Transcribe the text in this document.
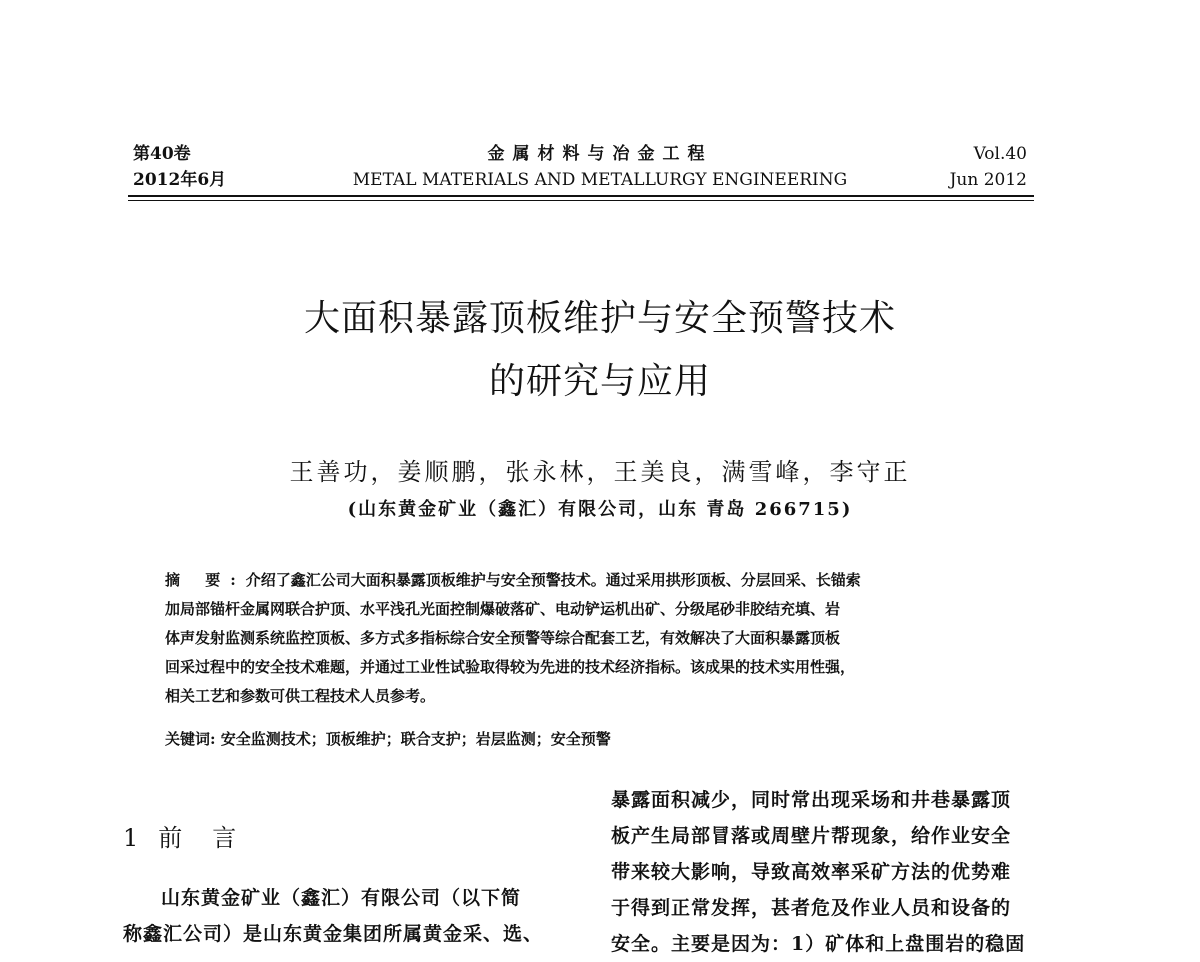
第40卷
2012年6月
金属材料与冶金工程
METAL MATERIALS AND METALLURGY ENGINEERING
Vol.40
Jun 2012
大面积暴露顶板维护与安全预警技术
的研究与应用
王善功，姜顺鹏，张永林，王美良，满雪峰，李守正
(山东黄金矿业（鑫汇）有限公司，山东 青岛 266715)
摘 要:介绍了鑫汇公司大面积暴露顶板维护与安全预警技术。通过采用拱形顶板、分层回采、长锚索
加局部锚杆金属网联合护顶、水平浅孔光面控制爆破落矿、电动铲运机出矿、分级尾砂非胶结充填、岩
体声发射监测系统监控顶板、多方式多指标综合安全预警等综合配套工艺，有效解决了大面积暴露顶板
回采过程中的安全技术难题，并通过工业性试验取得较为先进的技术经济指标。该成果的技术实用性强，
相关工艺和参数可供工程技术人员参考。
关键词: 安全监测技术；顶板维护；联合支护；岩层监测；安全预警
1 前言
山东黄金矿业（鑫汇）有限公司（以下简
称鑫汇公司）是山东黄金集团所属黄金采、选、
暴露面积减少，同时常出现采场和井巷暴露顶
板产生局部冒落或周壁片帮现象，给作业安全
带来较大影响，导致高效率采矿方法的优势难
于得到正常发挥，甚者危及作业人员和设备的
安全。主要是因为：1）矿体和上盘围岩的稳固
